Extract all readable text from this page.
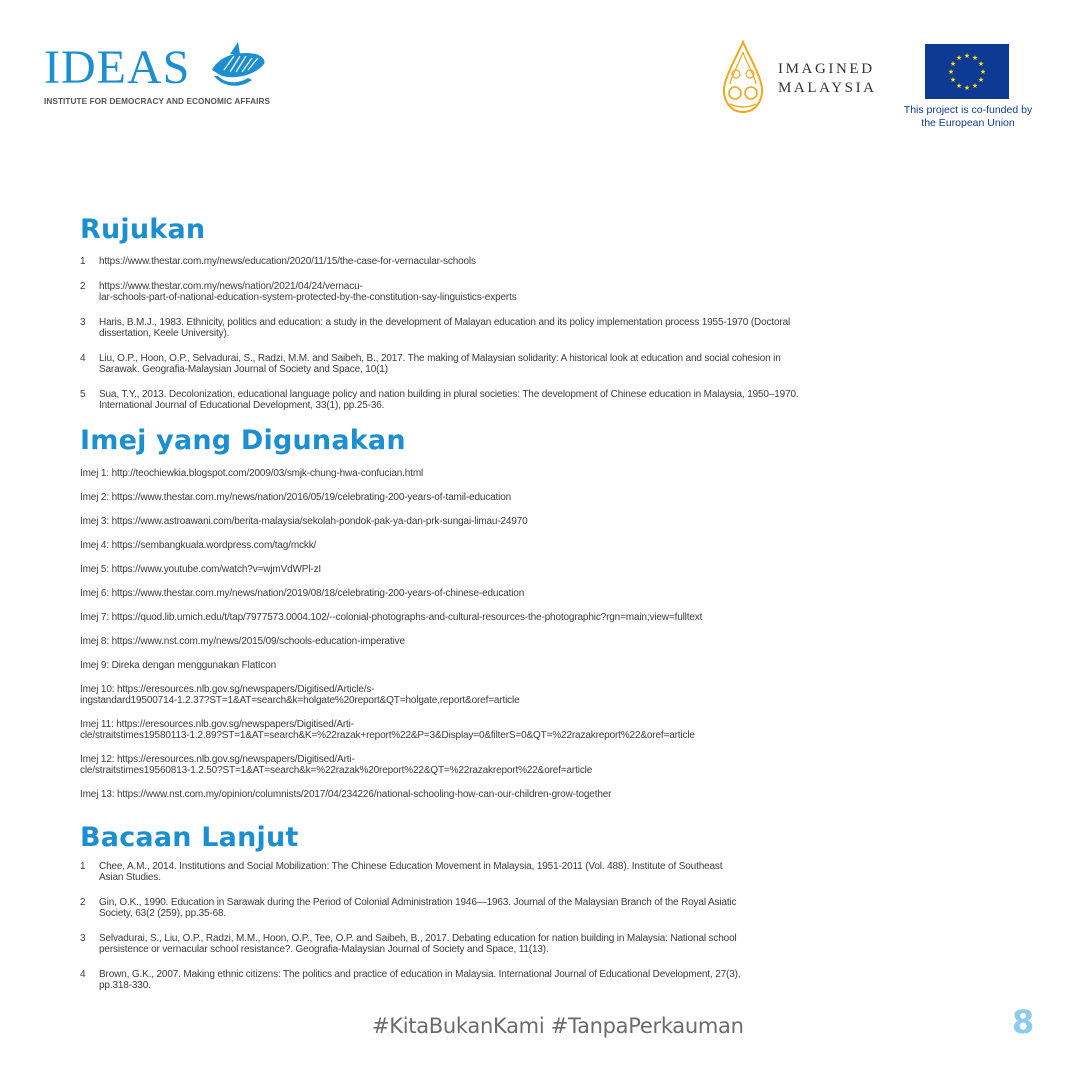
IDEAS
INSTITUTE FOR DEMOCRACY AND ECONOMIC AFFAIRS
IMAGINED
MALAYSIA
★ ★
★
★
★
★
★
★
★
★
★
★
This project is co-funded by the European Union
Rujukan
1	https://www.thestar.com.my/news/education/2020/11/15/the-case-for-vernacular-schools
2	https://www.thestar.com.my/news/nation/2021/04/24/vernacu-
lar-schools-part-of-national-education-system-protected-by-the-constitution-say-linguistics-experts
3	Haris, B.M.J., 1983. Ethnicity, politics and education: a study in the development of Malayan education and its policy implementation process 1955-1970 (Doctoral dissertation, Keele University).
4	Liu, O.P., Hoon, O.P., Selvadurai, S., Radzi, M.M. and Saibeh, B., 2017. The making of Malaysian solidarity: A historical look at education and social cohesion in Sarawak. Geografia-Malaysian Journal of Society and Space, 10(1)
5	Sua, T.Y., 2013. Decolonization, educational language policy and nation building in plural societies: The development of Chinese education in Malaysia, 1950–1970. International Journal of Educational Development, 33(1), pp.25-36.
Imej yang Digunakan
Imej 1: http://teochiewkia.blogspot.com/2009/03/smjk-chung-hwa-confucian.html
Imej 2: https://www.thestar.com.my/news/nation/2016/05/19/celebrating-200-years-of-tamil-education
Imej 3: https://www.astroawani.com/berita-malaysia/sekolah-pondok-pak-ya-dan-prk-sungai-limau-24970
Imej 4: https://sembangkuala.wordpress.com/tag/mckk/
Imej 5: https://www.youtube.com/watch?v=wjmVdWPl-zI
Imej 6: https://www.thestar.com.my/news/nation/2019/08/18/celebrating-200-years-of-chinese-education
Imej 7: https://quod.lib.umich.edu/t/tap/7977573.0004.102/--colonial-photographs-and-cultural-resources-the-photographic?rgn=main;view=fulltext
Imej 8: https://www.nst.com.my/news/2015/09/schools-education-imperative
Imej 9: Direka dengan menggunakan FlatIcon
Imej 10: https://eresources.nlb.gov.sg/newspapers/Digitised/Article/s-
ingstandard19500714-1.2.37?ST=1&AT=search&k=holgate%20report&QT=holgate,report&oref=article
Imej 11: https://eresources.nlb.gov.sg/newspapers/Digitised/Arti-
cle/straitstimes19580113-1.2.89?ST=1&AT=search&K=%22razak+report%22&P=3&Display=0&filterS=0&QT=%22razakreport%22&oref=article
Imej 12: https://eresources.nlb.gov.sg/newspapers/Digitised/Arti-
cle/straitstimes19560813-1.2.50?ST=1&AT=search&k=%22razak%20report%22&QT=%22razakreport%22&oref=article
Imej 13: https://www.nst.com.my/opinion/columnists/2017/04/234226/national-schooling-how-can-our-children-grow-together
Bacaan Lanjut
1	Chee, A.M., 2014. Institutions and Social Mobilization: The Chinese Education Movement in Malaysia, 1951-2011 (Vol. 488). Institute of Southeast Asian Studies.
2	Gin, O.K., 1990. Education in Sarawak during the Period of Colonial Administration 1946—1963. Journal of the Malaysian Branch of the Royal Asiatic Society, 63(2 (259), pp.35-68.
3	Selvadurai, S., Liu, O.P., Radzi, M.M., Hoon, O.P., Tee, O.P. and Saibeh, B., 2017. Debating education for nation building in Malaysia: National school persistence or vernacular school resistance?. Geografia-Malaysian Journal of Society and Space, 11(13).
4	Brown, G.K., 2007. Making ethnic citizens: The politics and practice of education in Malaysia. International Journal of Educational Development, 27(3), pp.318-330.
#KitaBukanKami #TanpaPerkauman	8
